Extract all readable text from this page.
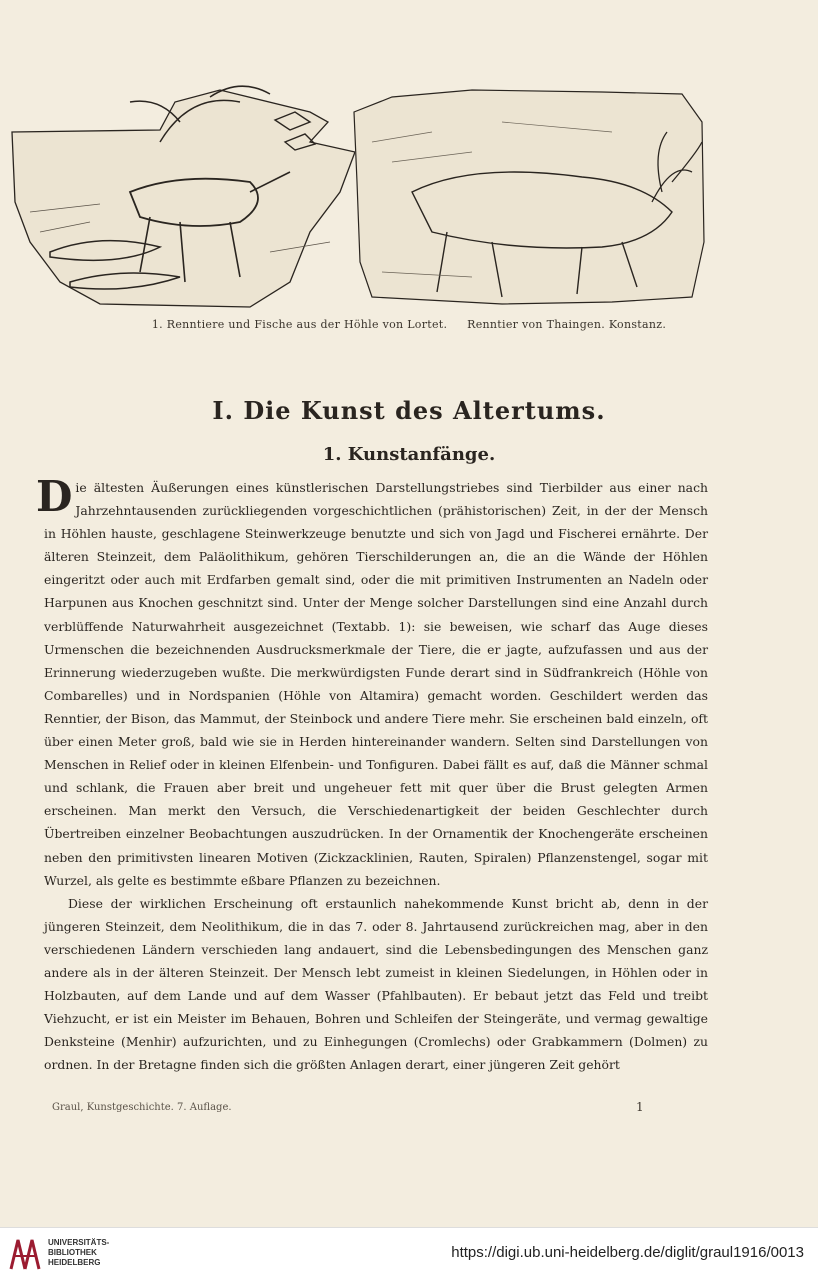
1. Renntiere und Fische aus der Höhle von Lortet. Renntier von Thaingen. Konstanz.
I. Die Kunst des Altertums.
1. Kunstanfänge.

Die ältesten Äußerungen eines künstlerischen Darstellungstriebes sind Tierbilder aus einer nach Jahrzehntausenden zurückliegenden vorgeschichtlichen (prähistorischen) Zeit, in der der Mensch in Höhlen hauste, geschlagene Steinwerkzeuge benutzte und sich von Jagd und Fischerei ernährte. Der älteren Steinzeit, dem Paläolithikum, gehören Tierschilderungen an, die an die Wände der Höhlen eingeritzt oder auch mit Erdfarben gemalt sind, oder die mit primitiven Instrumenten an Nadeln oder Harpunen aus Knochen geschnitzt sind. Unter der Menge solcher Darstellungen sind eine Anzahl durch verblüffende Naturwahrheit ausgezeichnet (Textabb. 1): sie beweisen, wie scharf das Auge dieses Urmenschen die bezeichnenden Ausdrucksmerkmale der Tiere, die er jagte, aufzufassen und aus der Erinnerung wiederzugeben wußte. Die merkwürdigsten Funde derart sind in Südfrankreich (Höhle von Combarelles) und in Nordspanien (Höhle von Altamira) gemacht worden. Geschildert werden das Renntier, der Bison, das Mammut, der Steinbock und andere Tiere mehr. Sie erscheinen bald einzeln, oft über einen Meter groß, bald wie sie in Herden hintereinander wandern. Selten sind Darstellungen von Menschen in Relief oder in kleinen Elfenbein- und Tonfiguren. Dabei fällt es auf, daß die Männer schmal und schlank, die Frauen aber breit und ungeheuer fett mit quer über die Brust gelegten Armen erscheinen. Man merkt den Versuch, die Verschiedenartigkeit der beiden Geschlechter durch Übertreiben einzelner Beobachtungen auszudrücken. In der Ornamentik der Knochengeräte erscheinen neben den primitivsten linearen Motiven (Zickzacklinien, Rauten, Spiralen) Pflanzenstengel, sogar mit Wurzel, als gelte es bestimmte eßbare Pflanzen zu bezeichnen.

Diese der wirklichen Erscheinung oft erstaunlich nahekommende Kunst bricht ab, denn in der jüngeren Steinzeit, dem Neolithikum, die in das 7. oder 8. Jahrtausend zurückreichen mag, aber in den verschiedenen Ländern verschieden lang andauert, sind die Lebensbedingungen des Menschen ganz andere als in der älteren Steinzeit. Der Mensch lebt zumeist in kleinen Siedelungen, in Höhlen oder in Holzbauten, auf dem Lande und auf dem Wasser (Pfahlbauten). Er bebaut jetzt das Feld und treibt Viehzucht, er ist ein Meister im Behauen, Bohren und Schleifen der Steingeräte, und vermag gewaltige Denksteine (Menhir) aufzurichten, und zu Einhegungen (Cromlechs) oder Grabkammern (Dolmen) zu ordnen. In der Bretagne finden sich die größten Anlagen derart, einer jüngeren Zeit gehört

Graul, Kunstgeschichte. 7. Auflage.	1
UNIVERSITÄTS-
BIBLIOTHEK
HEIDELBERG
https://digi.ub.uni-heidelberg.de/diglit/graul1916/0013
